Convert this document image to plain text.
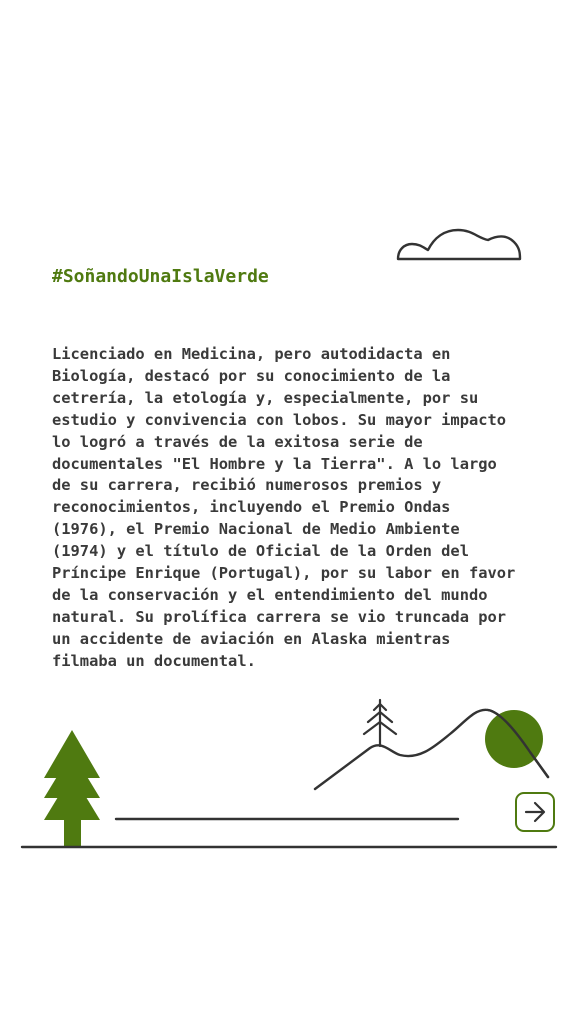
#SoñandoUnaIslaVerde

Licenciado en Medicina, pero autodidacta en Biología, destacó por su conocimiento de la cetrería, la etología y, especialmente, por su estudio y convivencia con lobos. Su mayor impacto lo logró a través de la exitosa serie de documentales "El Hombre y la Tierra". A lo largo de su carrera, recibió numerosos premios y reconocimientos, incluyendo el Premio Ondas (1976), el Premio Nacional de Medio Ambiente (1974) y el título de Oficial de la Orden del Príncipe Enrique (Portugal), por su labor en favor de la conservación y el entendimiento del mundo natural. Su prolífica carrera se vio truncada por un accidente de aviación en Alaska mientras filmaba un documental.
